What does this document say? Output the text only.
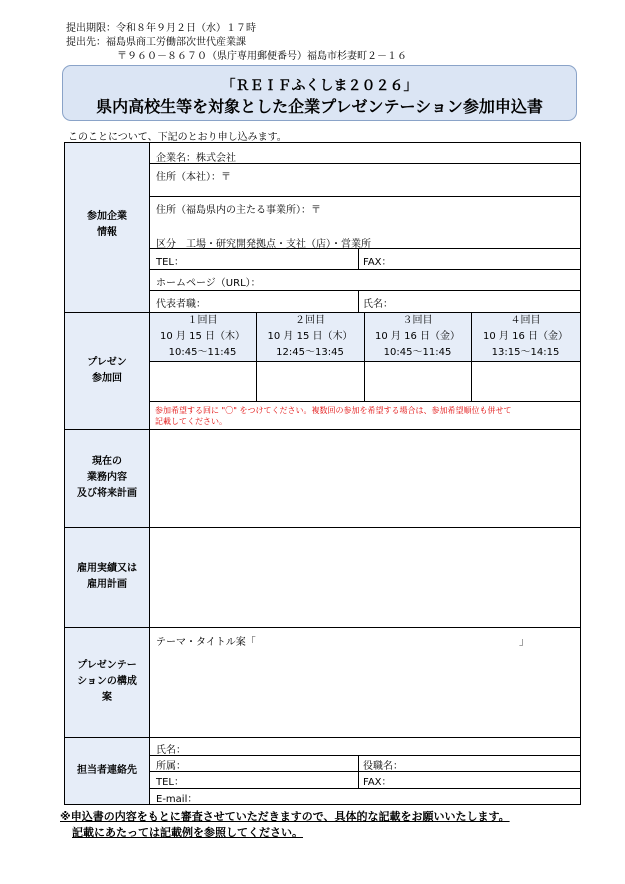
提出期限：令和８年９月２日（水）１７時
提出先：福島県商工労働部次世代産業課
〒９６０－８６７０（県庁専用郵便番号）福島市杉妻町２－１６
「ＲＥＩＦふくしま２０２６」
県内高校生等を対象とした企業プレゼンテーション参加申込書
このことについて、下記のとおり申し込みます。
参加企業
情報
企業名：株式会社
住所（本社）：〒
住所（福島県内の主たる事業所）：〒
区分　工場・研究開発拠点・支社（店）・営業所
TEL：	FAX：
ホームページ（URL）：
代表者職：	氏名：
プレゼン
参加回
１回目
10 月 15 日（木）
10:45～11:45
２回目
10 月 15 日（木）
12:45～13:45
３回目
10 月 16 日（金）
10:45～11:45
４回目
10 月 16 日（金）
13:15～14:15
参加希望する回に "〇" をつけてください。複数回の参加を希望する場合は、参加希望順位も併せて
記載してください。
現在の
業務内容
及び将来計画
雇用実績又は
雇用計画
プレゼンテー
ションの構成
案
テーマ・タイトル案「	」
担当者連絡先
氏名：
所属：	役職名：
TEL：	FAX：
E-mail：
※申込書の内容をもとに審査させていただきますので、具体的な記載をお願いいたします。
記載にあたっては記載例を参照してください。
